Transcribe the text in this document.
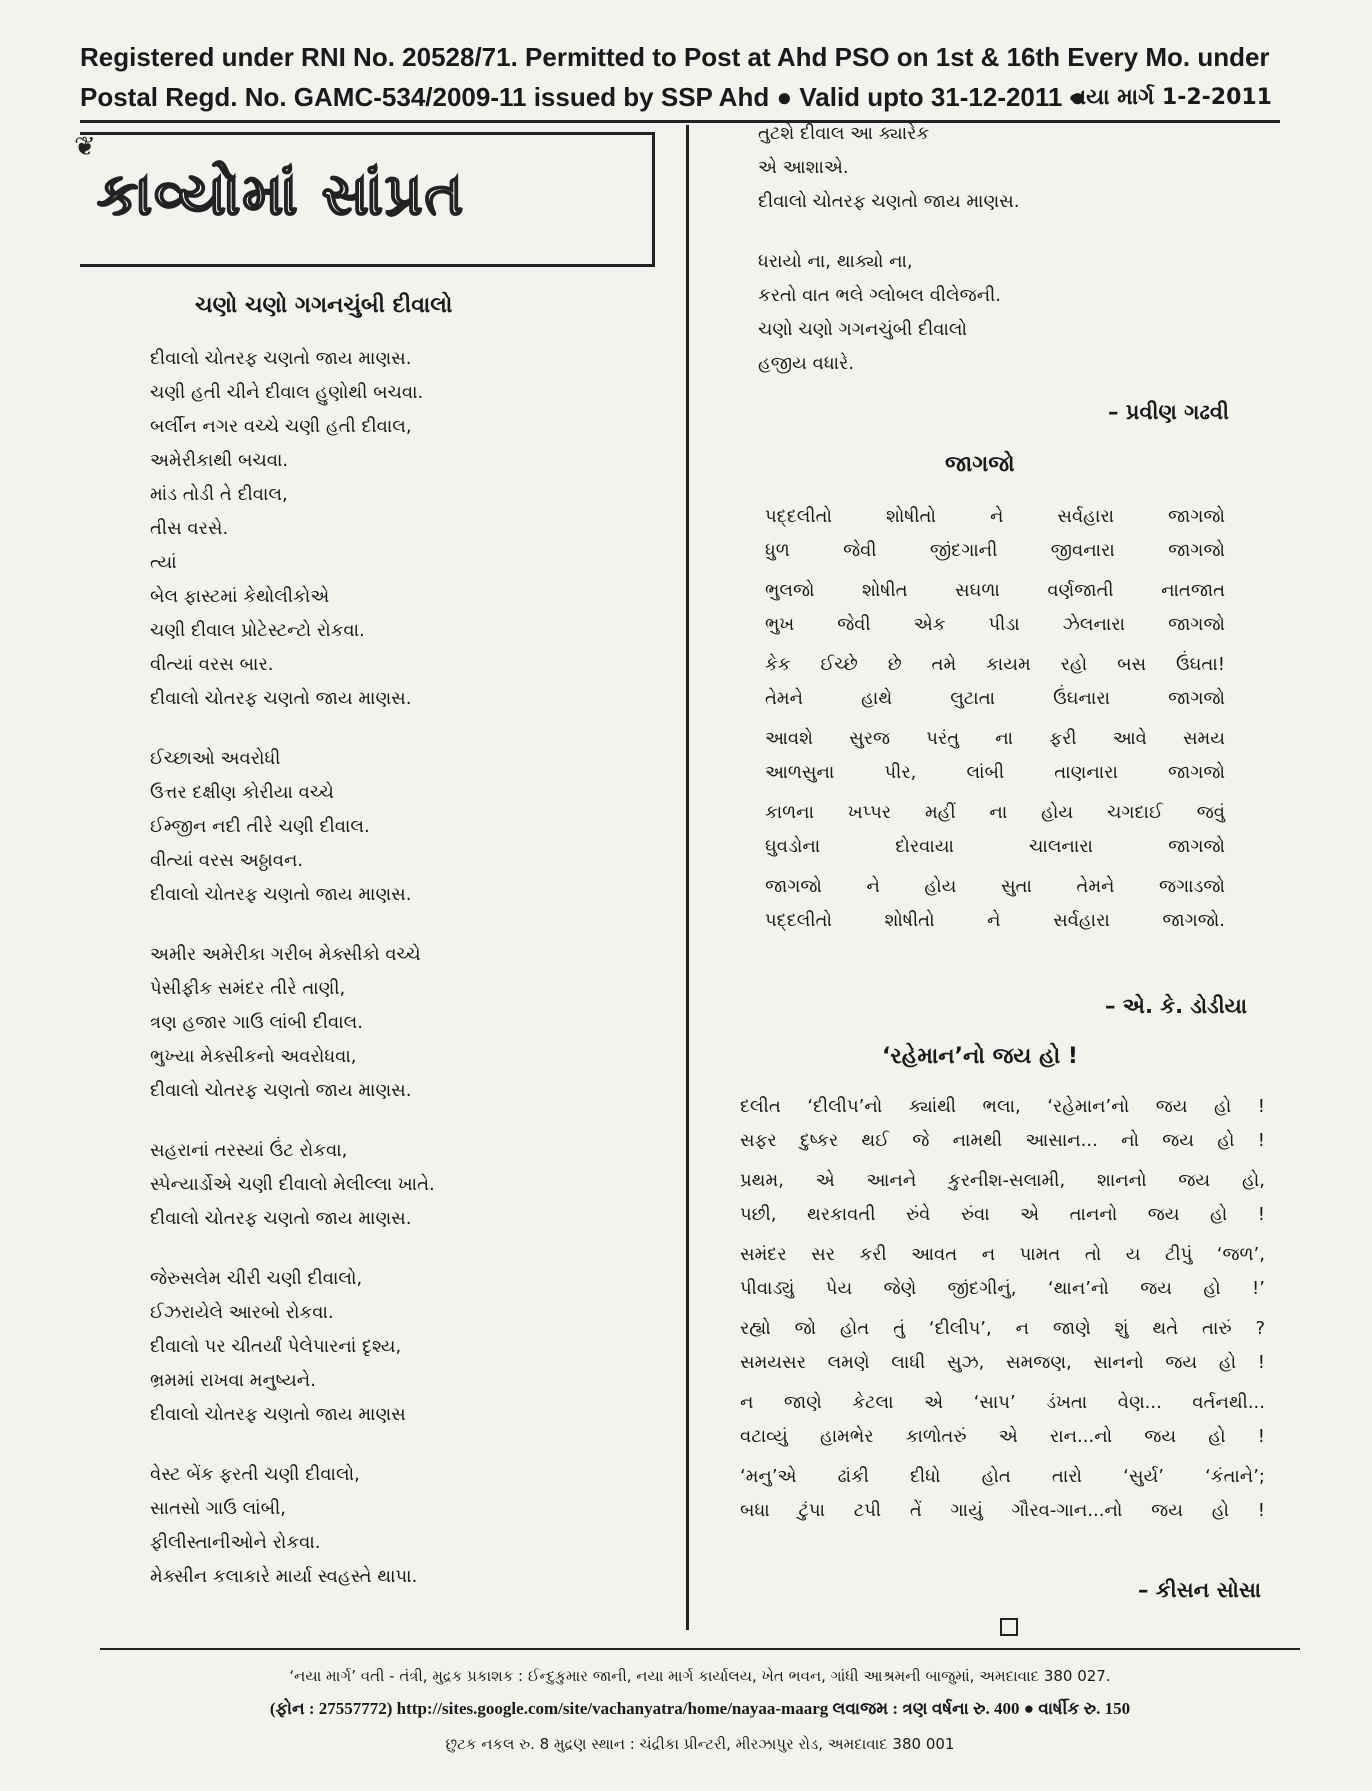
Registered under RNI No. 20528/71. Permitted to Post at Ahd PSO on 1st & 16th Every Mo. under
Postal Regd. No. GAMC-534/2009-11 issued by SSP Ahd ● Valid upto 31-12-2011 ●
નયા માર્ગ 1-2-2011
❦
કાવ્યોમાં સાંપ્રત
ચણો ચણો ગગનચુંબી દીવાલો
દીવાલો ચોતરફ ચણતો જાય માણસ.
ચણી હતી ચીને દીવાલ હુણોથી બચવા.
બર્લીન નગર વચ્ચે ચણી હતી દીવાલ,
અમેરીકાથી બચવા.
માંડ તોડી તે દીવાલ,
તીસ વરસે.
ત્યાં
બેલ ફાસ્ટમાં કેથોલીકોએ
ચણી દીવાલ પ્રોટેસ્ટન્ટો રોકવા.
વીત્યાં વરસ બાર.
દીવાલો ચોતરફ ચણતો જાય માણસ.
ઈચ્છાઓ અવરોધી
ઉત્તર દક્ષીણ કોરીયા વચ્ચે
ઈમ્જીન નદી તીરે ચણી દીવાલ.
વીત્યાં વરસ અઠ્ઠાવન.
દીવાલો ચોતરફ ચણતો જાય માણસ.
અમીર અમેરીકા ગરીબ મેક્સીકો વચ્ચે
પેસીફીક સમંદર તીરે તાણી,
ત્રણ હજાર ગાઉ લાંબી દીવાલ.
ભુખ્યા મેક્સીકનો અવરોધવા,
દીવાલો ચોતરફ ચણતો જાય માણસ.
સહરાનાં તરસ્યાં ઉંટ રોકવા,
સ્પેન્યાર્ડોએ ચણી દીવાલો મેલીલ્લા ખાતે.
દીવાલો ચોતરફ ચણતો જાય માણસ.
જેરુસલેમ ચીરી ચણી દીવાલો,
ઈઝરાયેલે આરબો રોકવા.
દીવાલો પર ચીતર્યાં પેલેપારનાં દૃશ્ય,
ભ્રમમાં રાખવા મનુષ્યને.
દીવાલો ચોતરફ ચણતો જાય માણસ
વેસ્ટ બેંક ફરતી ચણી દીવાલો,
સાતસો ગાઉ લાંબી,
ફીલીસ્તાનીઓને રોકવા.
મેક્સીન કલાકારે માર્યા સ્વહસ્તે થાપા.
તુટશે દીવાલ આ ક્યારેક
એ આશાએ.
દીવાલો ચોતરફ ચણતો જાય માણસ.
ધરાયો ના, થાક્યો ના,
કરતો વાત ભલે ગ્લોબલ વીલેજની.
ચણો ચણો ગગનચુંબી દીવાલો
હજીય વધારે.
– પ્રવીણ ગઢવી
જાગજો
પદ્દલીતો	શોષીતો	ને	સર્વહારા	જાગજો
ધુળ	જેવી	જીંદગાની	જીવનારા	જાગજો
ભુલજો	શોષીત	સઘળા	વર્ણજાતી	નાતજાત
ભુખ જેવી એક પીડા ઝેલનારા જાગજો
કેક ઈચ્છે છે તમે કાયમ રહો બસ ઉંઘતા!
તેમને	હાથે	લુટાતા	ઉંઘનારા	જાગજો
આવશે સુરજ પરંતુ ના ફરી આવે સમય
આળસુના	પીર,	લાંબી	તાણનારા	જાગજો
કાળના ખપ્પર મહીં ના હોય ચગદાઈ જવું
ઘુવડોના	દોરવાયા	ચાલનારા	જાગજો
જાગજો ને હોય સુતા તેમને જગાડજો
પદ્દલીતો	શોષીતો	ને	સર્વહારા	જાગજો.
– એ. કે. ડોડીયા
‘રહેમાન’નો જય હો !
દલીત ‘દીલીપ’નો ક્યાંથી ભલા, ‘રહેમાન’નો જય હો !
સફર દુષ્કર થઈ જે નામથી આસાન... નો જય હો !
પ્રથમ, એ આનને કુરનીશ-સલામી, શાનનો જય હો,
પછી, થરકાવતી રુંવે રુંવા એ તાનનો જય હો !
સમંદર સર કરી આવત ન પામત તો ય ટીપું ‘જળ’,
પીવાડ્યું પેય જેણે જીંદગીનું, ‘થાન’નો જય હો !’
રહ્યો જો હોત તું ‘દીલીપ’, ન જાણે શું થતે તારું ?
સમયસર લમણે લાધી સુઝ, સમજણ, સાનનો જય હો !
ન જાણે કેટલા એ ‘સાપ’ ડંખતા વેણ... વર્તનથી...
વટાવ્યું હામભેર કાળોતરું એ રાન...નો જય હો !
‘મનુ’એ ઢાંકી દીધો હોત તારો ‘સુર્ય’ ‘કંતાને’;
બધા ટુંપા ટપી તેં ગાયું ગૌરવ-ગાન...નો જય હો !
– કીસન સોસા
‘નયા માર્ગ’ વતી - તંત્રી, મુદ્રક પ્રકાશક : ઈન્દુકુમાર જાની, નયા માર્ગ કાર્યાલય, ખેત ભવન, ગાંધી આશ્રમની બાજુમાં, અમદાવાદ 380 027.
(ફોન : 27557772) http://sites.google.com/site/vachanyatra/home/nayaa-maarg લવાજમ : ત્રણ વર્ષના રુ. 400 ● વાર્ષીક રુ. 150
છુટક નકલ રુ. 8 મુદ્રણ સ્થાન : ચંદ્રીકા પ્રીન્ટરી, મીરઝાપુર રોડ, અમદાવાદ 380 001
